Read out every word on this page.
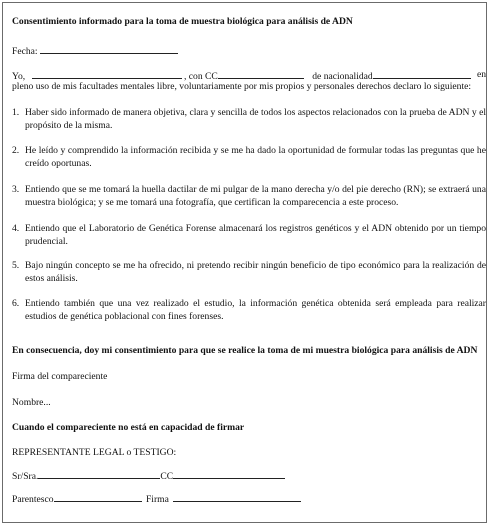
Consentimiento informado para la toma de muestra biológica para análisis de ADN
Fecha:
Yo,	, con CC	de nacionalidad	en
pleno uso de mis facultades mentales libre, voluntariamente por mis propios y personales derechos declaro lo siguiente:
1. Haber sido informado de manera objetiva, clara y sencilla de todos los aspectos relacionados con la prueba de ADN y el propósito de la misma.
2. He leído y comprendido la información recibida y se me ha dado la oportunidad de formular todas las preguntas que he creído oportunas.
3. Entiendo que se me tomará la huella dactilar de mi pulgar de la mano derecha y/o del pie derecho (RN); se extraerá una muestra biológica; y se me tomará una fotografía, que certifican la comparecencia a este proceso.
4. Entiendo que el Laboratorio de Genética Forense almacenará los registros genéticos y el ADN obtenido por un tiempo prudencial.
5. Bajo ningún concepto se me ha ofrecido, ni pretendo recibir ningún beneficio de tipo económico para la realización de estos análisis.
6. Entiendo también que una vez realizado el estudio, la información genética obtenida será empleada para realizar estudios de genética poblacional con fines forenses.
En consecuencia, doy mi consentimiento para que se realice la toma de mi muestra biológica para análisis de ADN
Firma del compareciente
Nombre...
Cuando el compareciente no está en capacidad de firmar
REPRESENTANTE LEGAL o TESTIGO:
Sr/Sra.	CC
Parentesco	Firma
